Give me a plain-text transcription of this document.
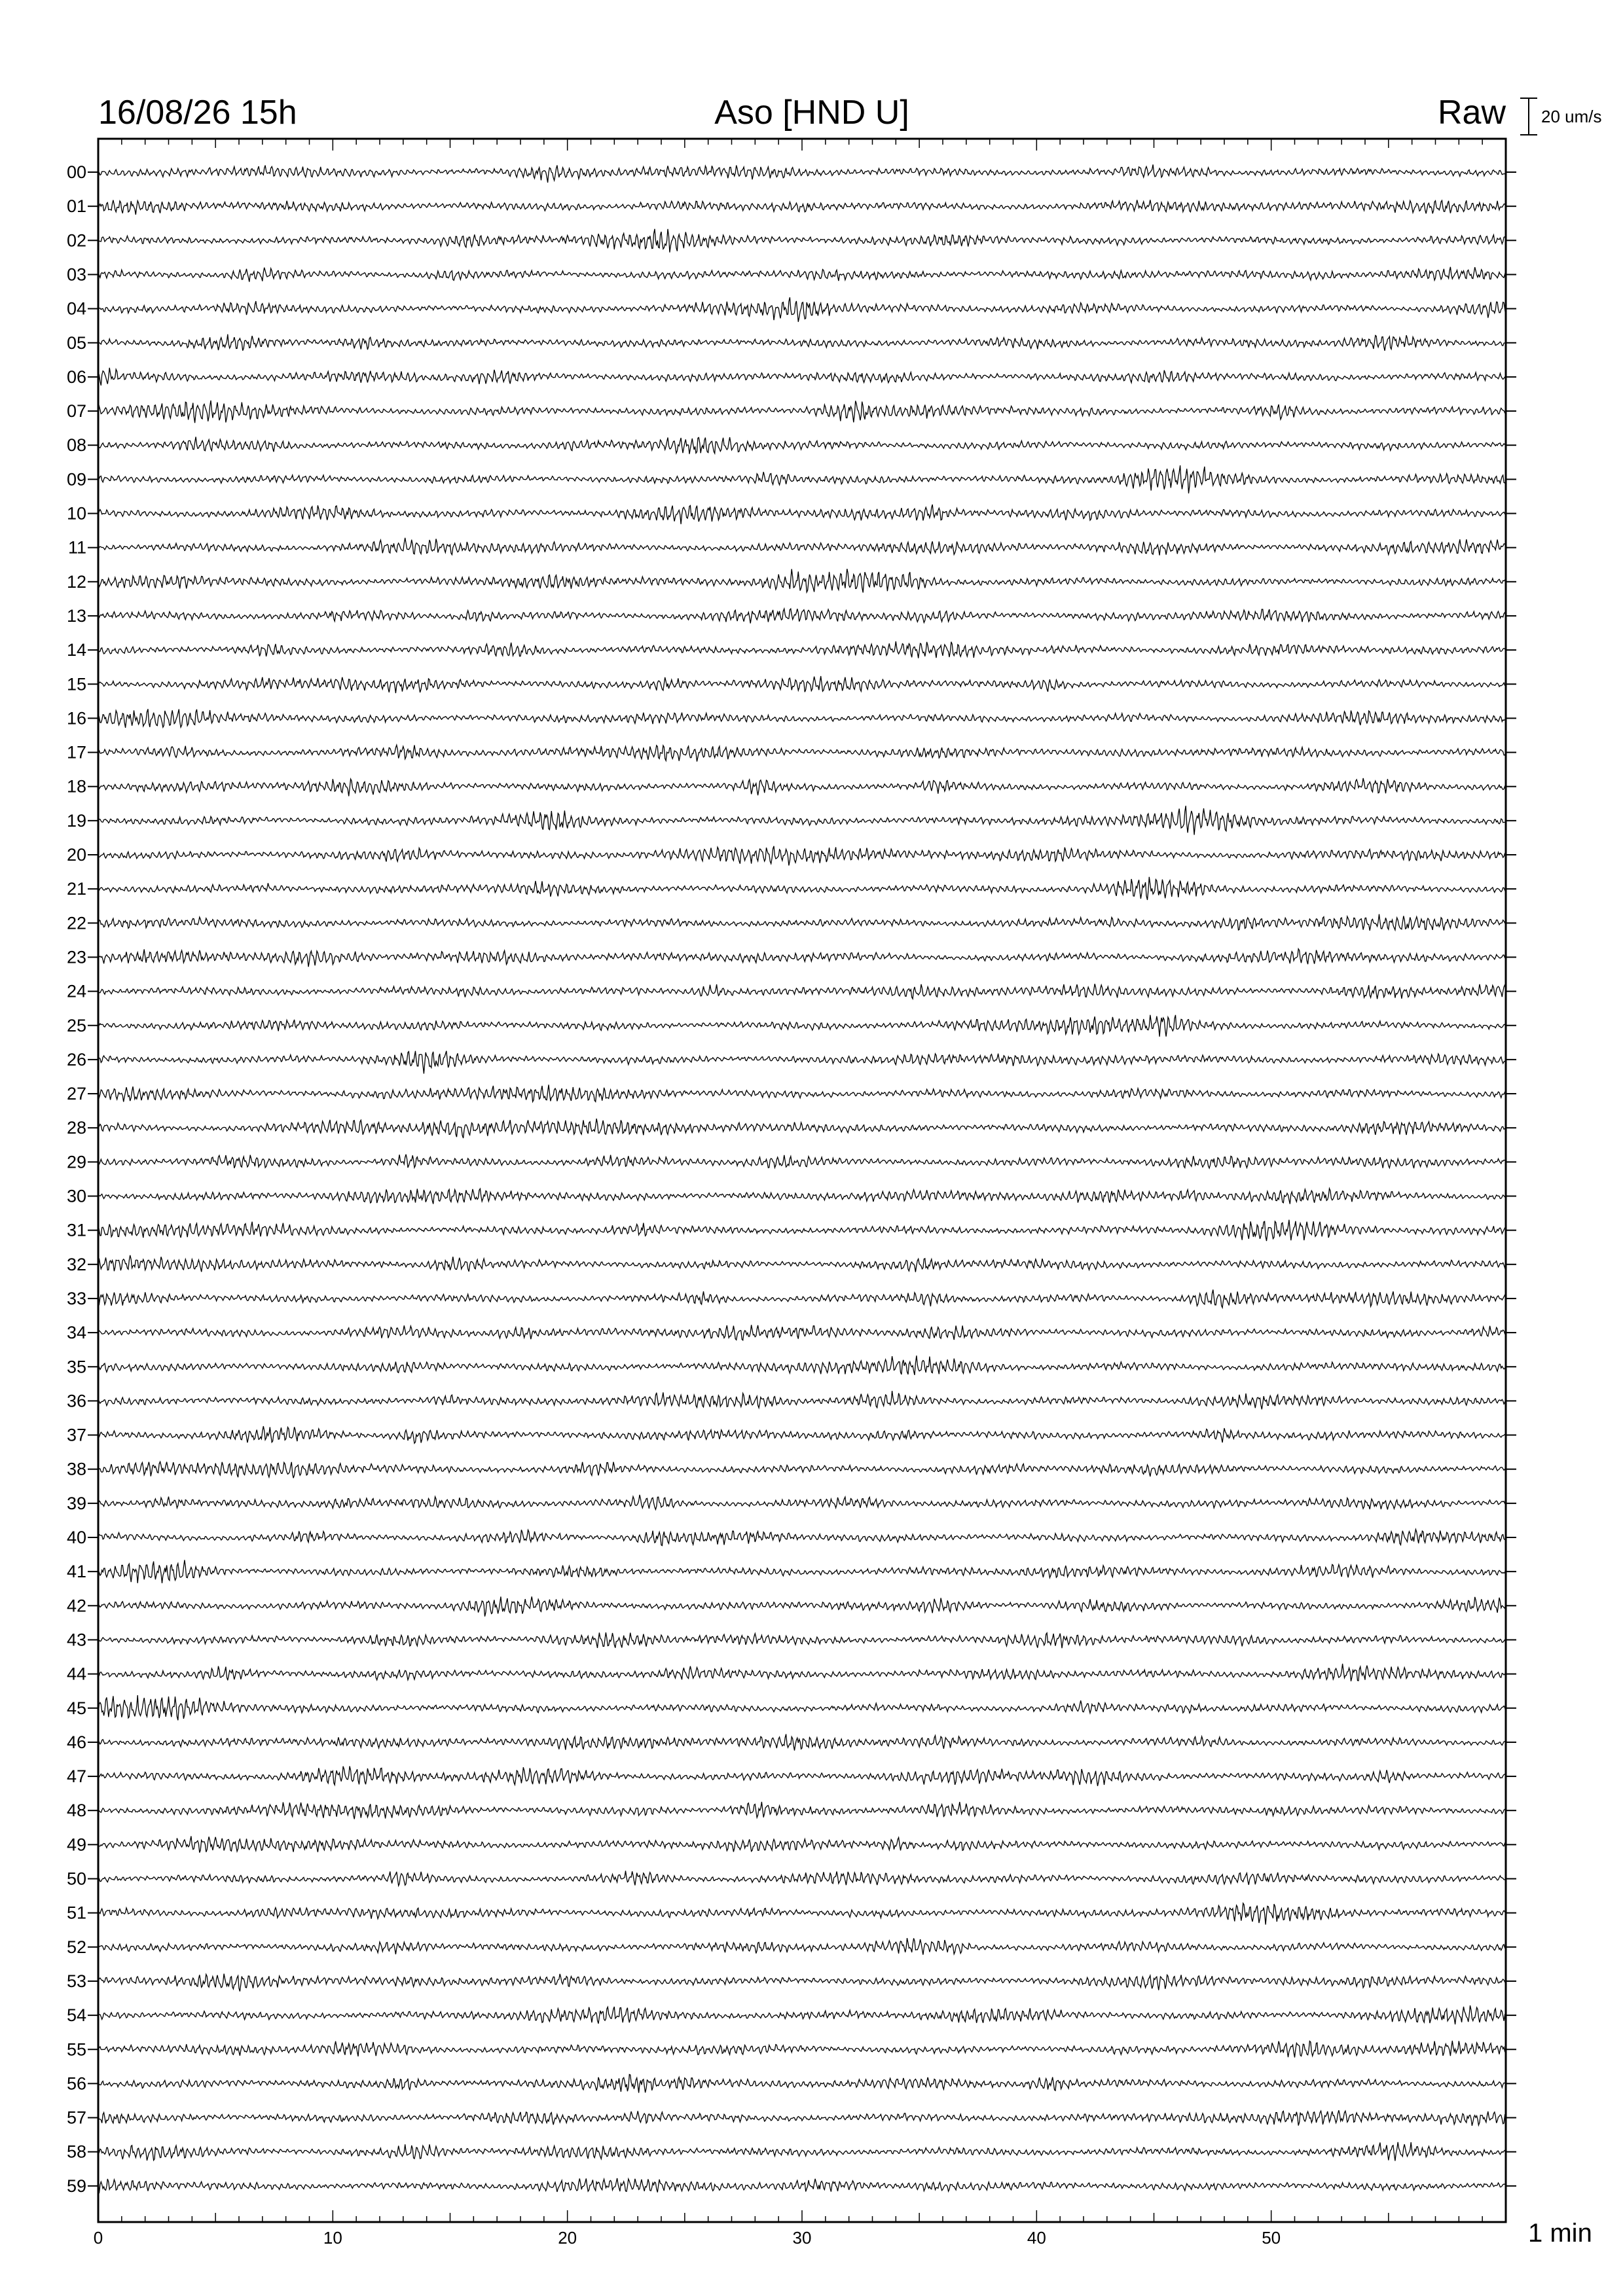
16/08/26 15h	Aso [HND U]	Raw 20 um/s
00
01
02
03
04
05
06
07
08
09
10
11
12
13
14
15
16
17
18
19
20
21
22
23
24
25
26
27
28
29
30
31
32
33
34
35
36
37
38
39
40
41
42
43
44
45
46
47
48
49
50
51
52
53
54
55
56
57
58
59
0	10	20	30	40	50	1 min
